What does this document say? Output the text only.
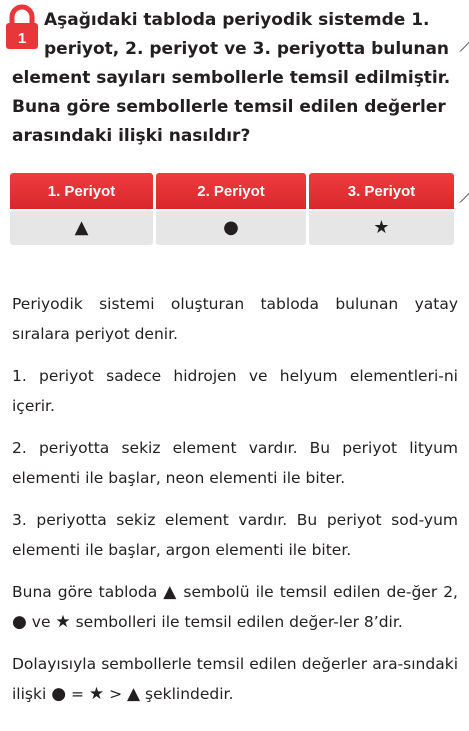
1
Aşağıdaki tabloda periyodik sistemde 1.
periyot, 2. periyot ve 3. periyotta bulunan
element sayıları sembollerle temsil edilmiştir.
Buna göre sembollerle temsil edilen değerler
arasındaki ilişki nasıldır?
1. Periyot	2. Periyot	3. Periyot
▲	●	★

Periyodik sistemi oluşturan tabloda bulunan yatay sıralara periyot denir.

1. periyot sadece hidrojen ve helyum elementleri-ni içerir.

2. periyotta sekiz element vardır. Bu periyot lityum elementi ile başlar, neon elementi ile biter.

3. periyotta sekiz element vardır. Bu periyot sod-yum elementi ile başlar, argon elementi ile biter.

Buna göre tabloda ▲ sembolü ile temsil edilen de-ğer 2, ● ve ★ sembolleri ile temsil edilen değer-ler 8’dir.

Dolayısıyla sembollerle temsil edilen değerler ara-sındaki ilişki ● = ★ > ▲ şeklindedir.
